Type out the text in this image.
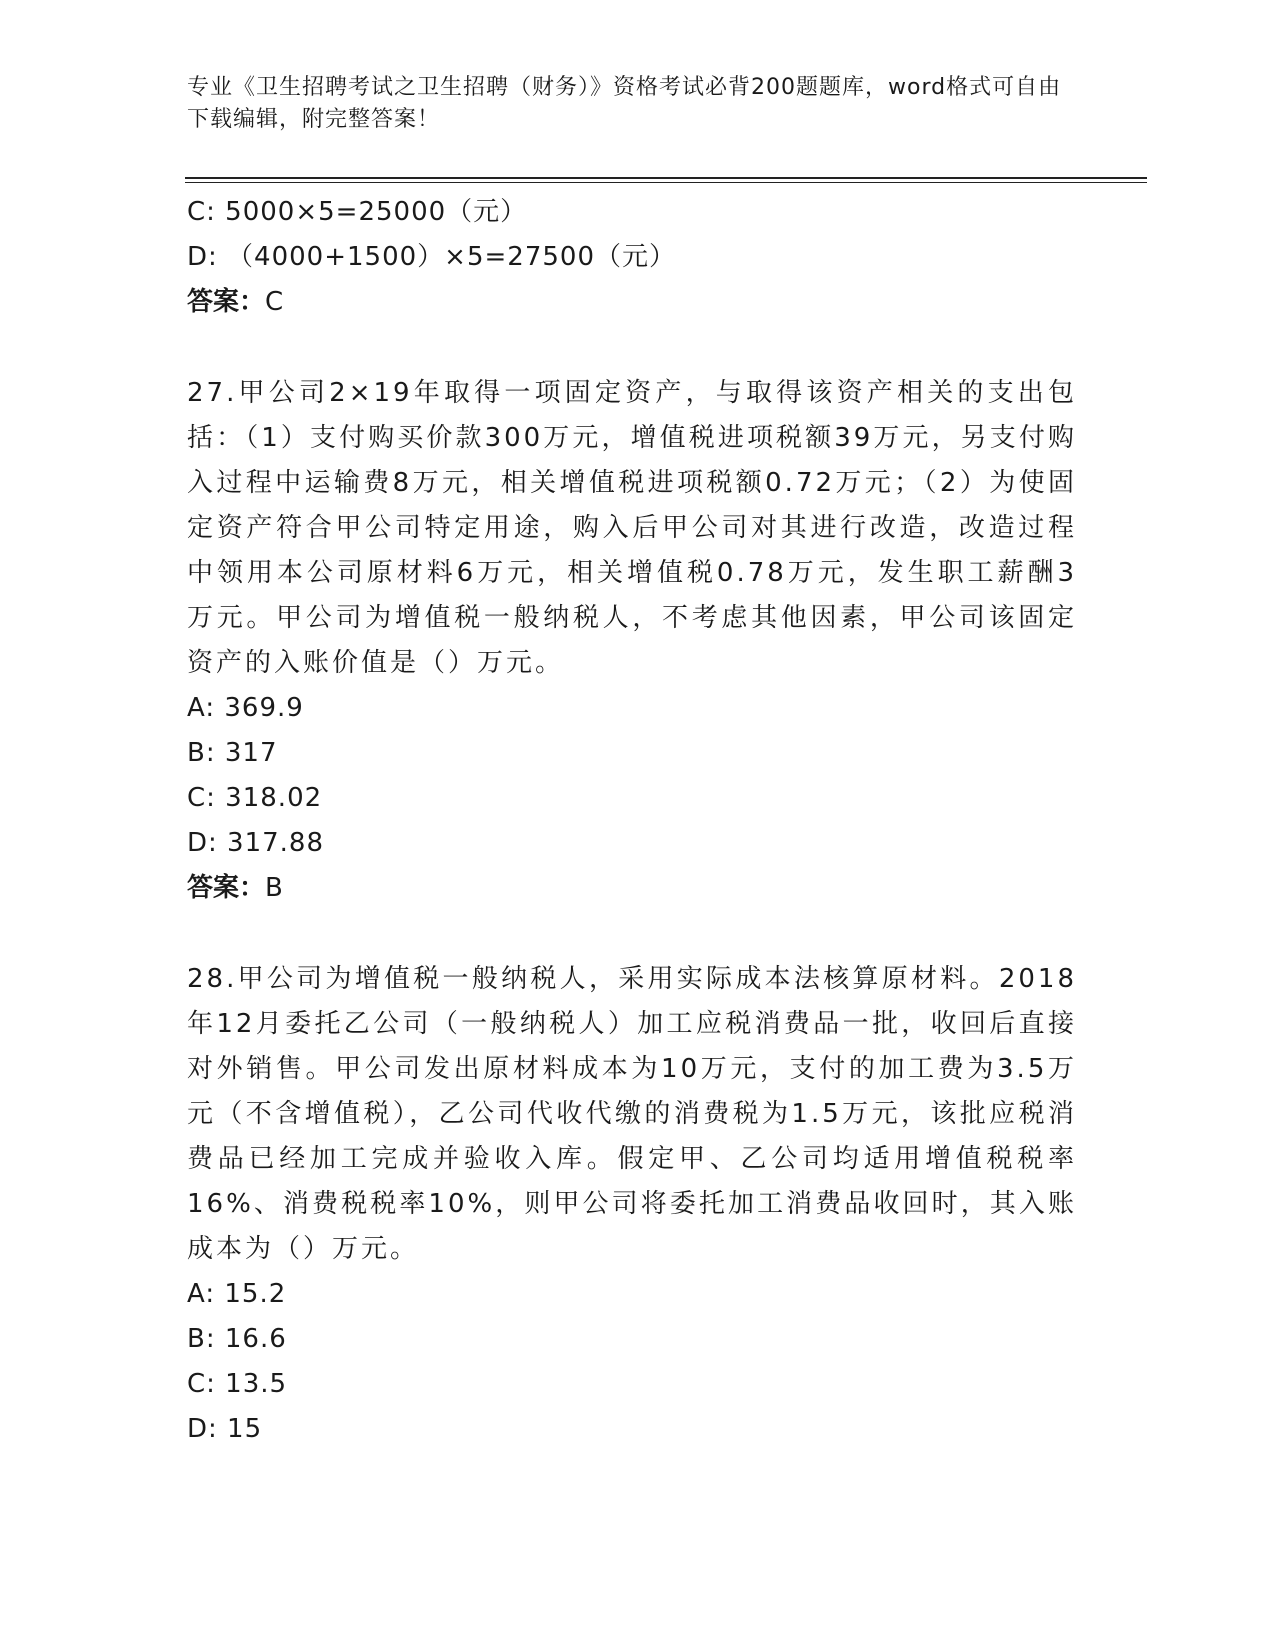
专业《卫生招聘考试之卫生招聘（财务）》资格考试必背200题题库，word格式可自由下载编辑，附完整答案！
C: 5000×5=25000（元）
D: （4000+1500）×5=27500（元）
答案：C
27.甲公司2×19年取得一项固定资产，与取得该资产相关的支出包括：（1）支付购买价款300万元，增值税进项税额39万元，另支付购入过程中运输费8万元，相关增值税进项税额0.72万元；（2）为使固定资产符合甲公司特定用途，购入后甲公司对其进行改造，改造过程中领用本公司原材料6万元，相关增值税0.78万元，发生职工薪酬3万元。甲公司为增值税一般纳税人，不考虑其他因素，甲公司该固定资产的入账价值是（）万元。
A: 369.9
B: 317
C: 318.02
D: 317.88
答案：B
28.甲公司为增值税一般纳税人，采用实际成本法核算原材料。2018年12月委托乙公司（一般纳税人）加工应税消费品一批，收回后直接对外销售。甲公司发出原材料成本为10万元，支付的加工费为3.5万元（不含增值税），乙公司代收代缴的消费税为1.5万元，该批应税消费品已经加工完成并验收入库。假定甲、乙公司均适用增值税税率16%、消费税税率10%，则甲公司将委托加工消费品收回时，其入账成本为（）万元。
A: 15.2
B: 16.6
C: 13.5
D: 15
